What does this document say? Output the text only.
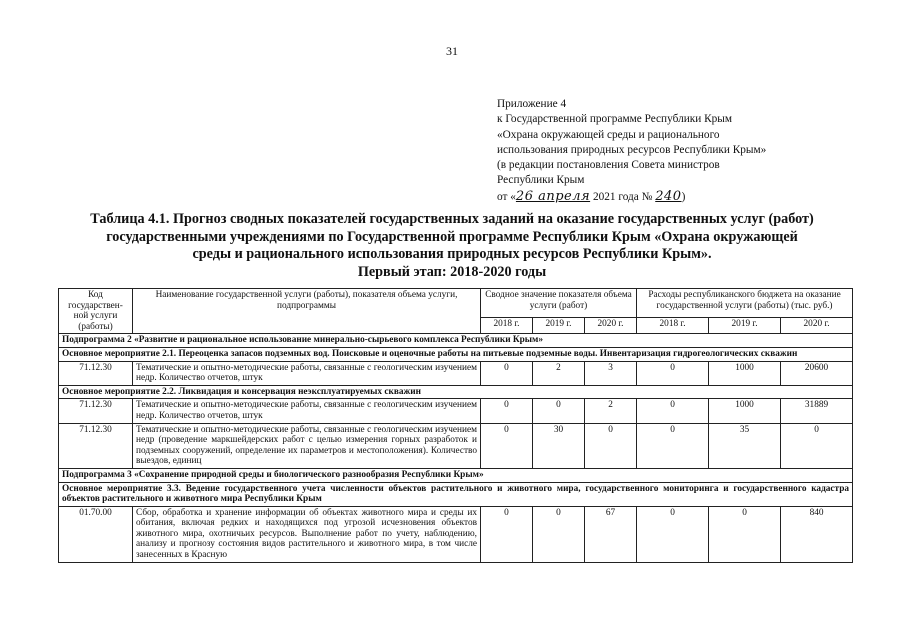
31
Приложение 4
к Государственной программе Республики Крым
«Охрана окружающей среды и рационального
использования природных ресурсов Республики Крым»
(в редакции постановления Совета министров
Республики Крым
от «26 апреля 2021 года № 240)
Таблица 4.1. Прогноз сводных показателей государственных заданий на оказание государственных услуг (работ)
государственными учреждениями по Государственной программе Республики Крым «Охрана окружающей
среды и рационального использования природных ресурсов Республики Крым».
Первый этап: 2018-2020 годы
Код государствен-ной услуги (работы)	Наименование государственной услуги (работы), показателя объема услуги, подпрограммы	Сводное значение показателя объема услуги (работ)			Расходы республиканского бюджета на оказание государственной услуги (работы) (тыс. руб.)		
		2018 г.	2019 г.	2020 г.	2018 г.	2019 г.	2020 г.
Подпрограмма 2 «Развитие и рациональное использование минерально-сырьевого комплекса Республики Крым»							
Основное мероприятие 2.1. Переоценка запасов подземных вод. Поисковые и оценочные работы на питьевые подземные воды. Инвентаризация гидрогеологических скважин							
71.12.30	Тематические и опытно-методические работы, связанные с геологическим изучением недр. Количество отчетов, штук	0	2	3	0	1000	20600
Основное мероприятие 2.2. Ликвидация и консервация неэксплуатируемых скважин							
71.12.30	Тематические и опытно-методические работы, связанные с геологическим изучением недр. Количество отчетов, штук	0	0	2	0	1000	31889
71.12.30	Тематические и опытно-методические работы, связанные с геологическим изучением недр (проведение маркшейдерских работ с целью измерения горных разработок и подземных сооружений, определение их параметров и местоположения). Количество выездов, единиц	0	30	0	0	35	0
Подпрограмма 3 «Сохранение природной среды и биологического разнообразия Республики Крым»							
Основное мероприятие 3.3. Ведение государственного учета численности объектов растительного и животного мира, государственного мониторинга и государственного кадастра объектов растительного и животного мира Республики Крым							
01.70.00	Сбор, обработка и хранение информации об объектах животного мира и среды их обитания, включая редких и находящихся под угрозой исчезновения объектов животного мира, охотничьих ресурсов. Выполнение работ по учету, наблюдению, анализу и прогнозу состояния видов растительного и животного мира, в том числе занесенных в Красную	0	0	67	0	0	840
